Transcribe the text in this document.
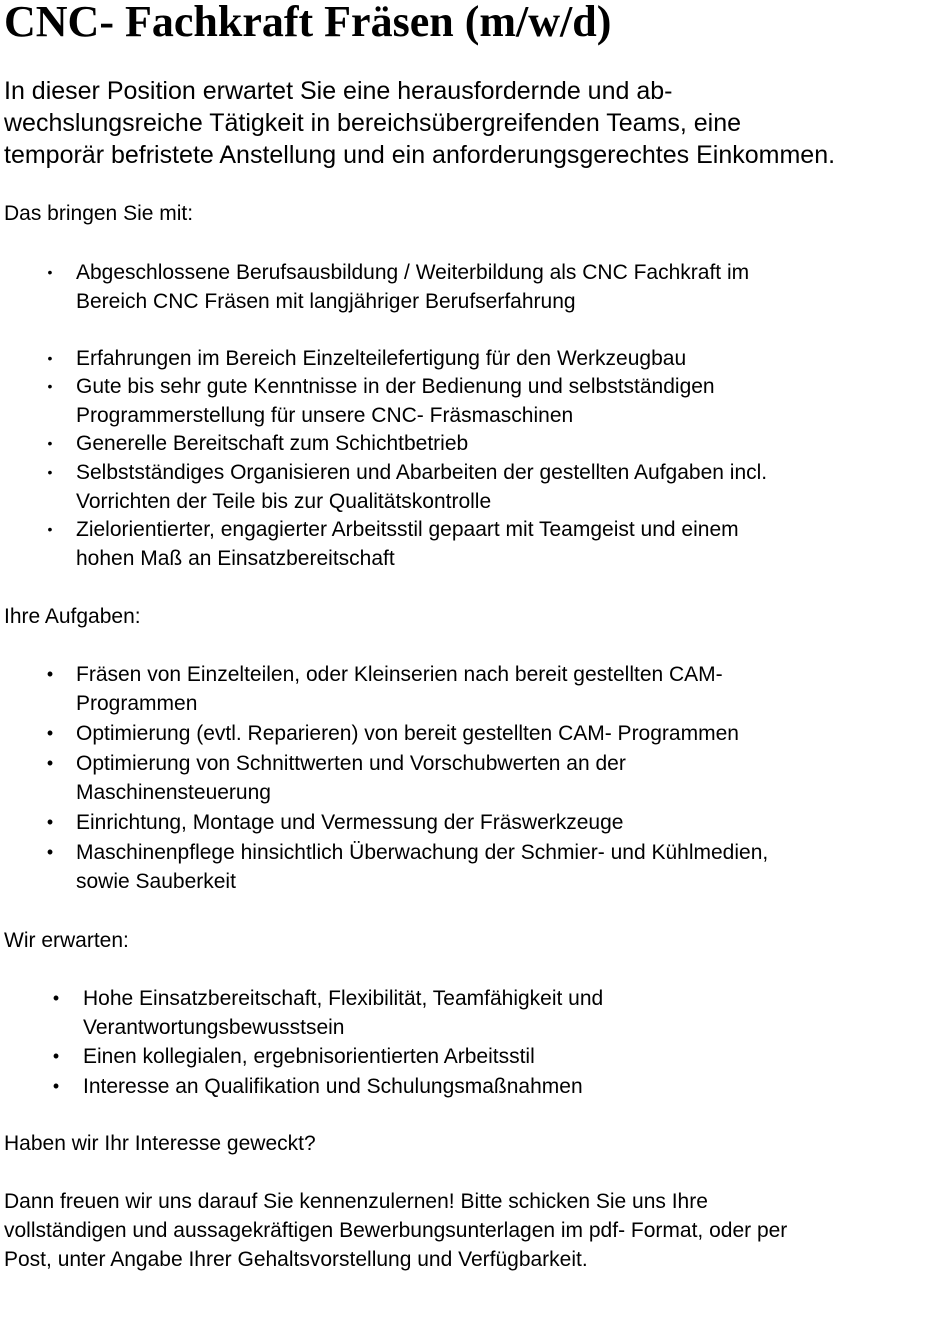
CNC- Fachkraft Fräsen (m/w/d)

In dieser Position erwartet Sie eine herausfordernde und ab-
wechslungsreiche Tätigkeit in bereichsübergreifenden Teams, eine
temporär befristete Anstellung und ein anforderungsgerechtes Einkommen.

Das bringen Sie mit:

•	Abgeschlossene Berufsausbildung / Weiterbildung als CNC Fachkraft im
Bereich CNC Fräsen mit langjähriger Berufserfahrung
•	Erfahrungen im Bereich Einzelteilefertigung für den Werkzeugbau
•	Gute bis sehr gute Kenntnisse in der Bedienung und selbstständigen
Programmerstellung für unsere CNC- Fräsmaschinen
•	Generelle Bereitschaft zum Schichtbetrieb
•	Selbstständiges Organisieren und Abarbeiten der gestellten Aufgaben incl.
Vorrichten der Teile bis zur Qualitätskontrolle
•	Zielorientierter, engagierter Arbeitsstil gepaart mit Teamgeist und einem
hohen Maß an Einsatzbereitschaft

Ihre Aufgaben:

•	Fräsen von Einzelteilen, oder Kleinserien nach bereit gestellten CAM-
Programmen
•	Optimierung (evtl. Reparieren) von bereit gestellten CAM- Programmen
•	Optimierung von Schnittwerten und Vorschubwerten an der
Maschinensteuerung
•	Einrichtung, Montage und Vermessung der Fräswerkzeuge
•	Maschinenpflege hinsichtlich Überwachung der Schmier- und Kühlmedien,
sowie Sauberkeit

Wir erwarten:

•	Hohe Einsatzbereitschaft, Flexibilität, Teamfähigkeit und
Verantwortungsbewusstsein
•	Einen kollegialen, ergebnisorientierten Arbeitsstil
•	Interesse an Qualifikation und Schulungsmaßnahmen

Haben wir Ihr Interesse geweckt?

Dann freuen wir uns darauf Sie kennenzulernen! Bitte schicken Sie uns Ihre
vollständigen und aussagekräftigen Bewerbungsunterlagen im pdf- Format, oder per
Post, unter Angabe Ihrer Gehaltsvorstellung und Verfügbarkeit.
